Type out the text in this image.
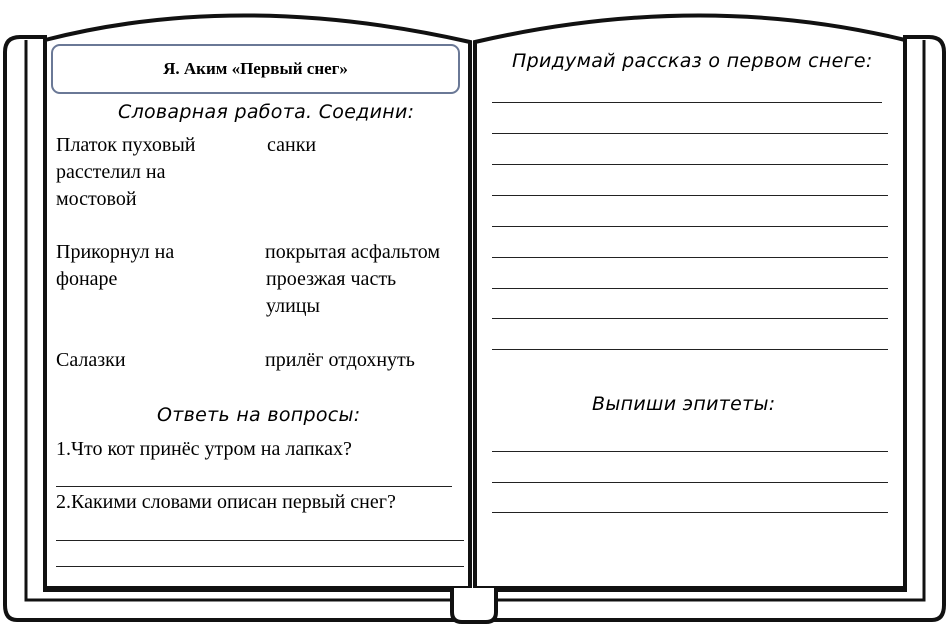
Я. Аким «Первый снег»

Словарная работа. Соедини:

Платок пуховый

расстелил на

мостовой

Прикорнул на

фонаре

Салазки

санки

покрытая асфальтом

проезжая часть

улицы

прилёг отдохнуть

Ответь на вопросы:

1.Что кот принёс утром на лапках?

2.Какими словами описан первый снег?

Придумай рассказ о первом снеге:

Выпиши эпитеты:
